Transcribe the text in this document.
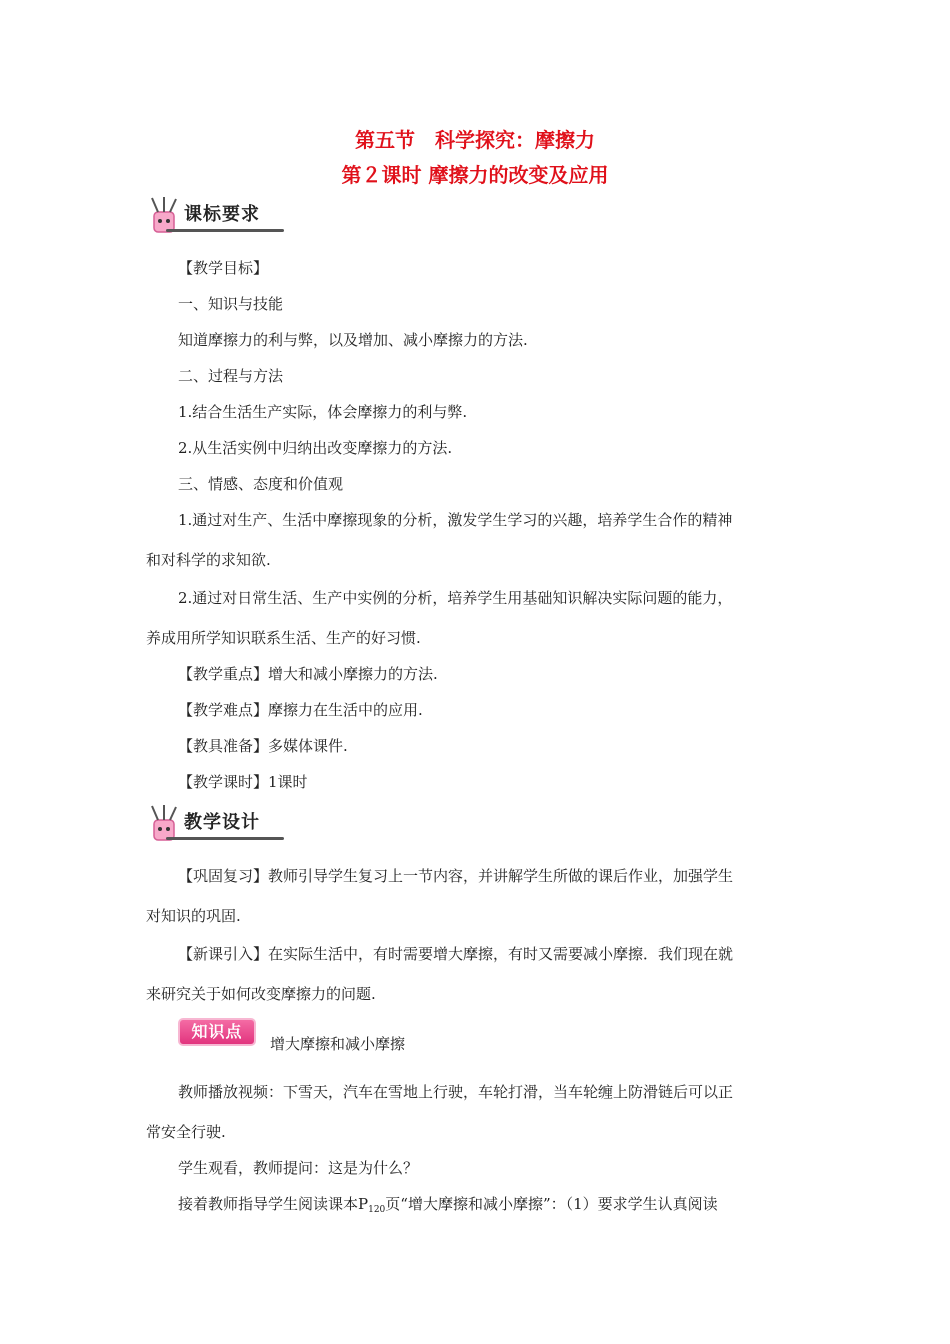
第五节　科学探究：摩擦力
第２课时 摩擦力的改变及应用
课标要求
【教学目标】
一、知识与技能
知道摩擦力的利与弊，以及增加、减小摩擦力的方法.
二、过程与方法
1.结合生活生产实际，体会摩擦力的利与弊.
2.从生活实例中归纳出改变摩擦力的方法.
三、情感、态度和价值观
1.通过对生产、生活中摩擦现象的分析，激发学生学习的兴趣，培养学生合作的精神
和对科学的求知欲.
2.通过对日常生活、生产中实例的分析，培养学生用基础知识解决实际问题的能力，
养成用所学知识联系生活、生产的好习惯.
【教学重点】增大和减小摩擦力的方法.
【教学难点】摩擦力在生活中的应用.
【教具准备】多媒体课件.
【教学课时】1课时
教学设计
【巩固复习】教师引导学生复习上一节内容，并讲解学生所做的课后作业，加强学生
对知识的巩固.
【新课引入】在实际生活中，有时需要增大摩擦，有时又需要减小摩擦．我们现在就
来研究关于如何改变摩擦力的问题.
知识点
增大摩擦和减小摩擦
教师播放视频：下雪天，汽车在雪地上行驶，车轮打滑，当车轮缠上防滑链后可以正
常安全行驶.
学生观看，教师提问：这是为什么？
接着教师指导学生阅读课本$P_{120}$页“增大摩擦和减小摩擦”：（1）要求学生认真阅读
